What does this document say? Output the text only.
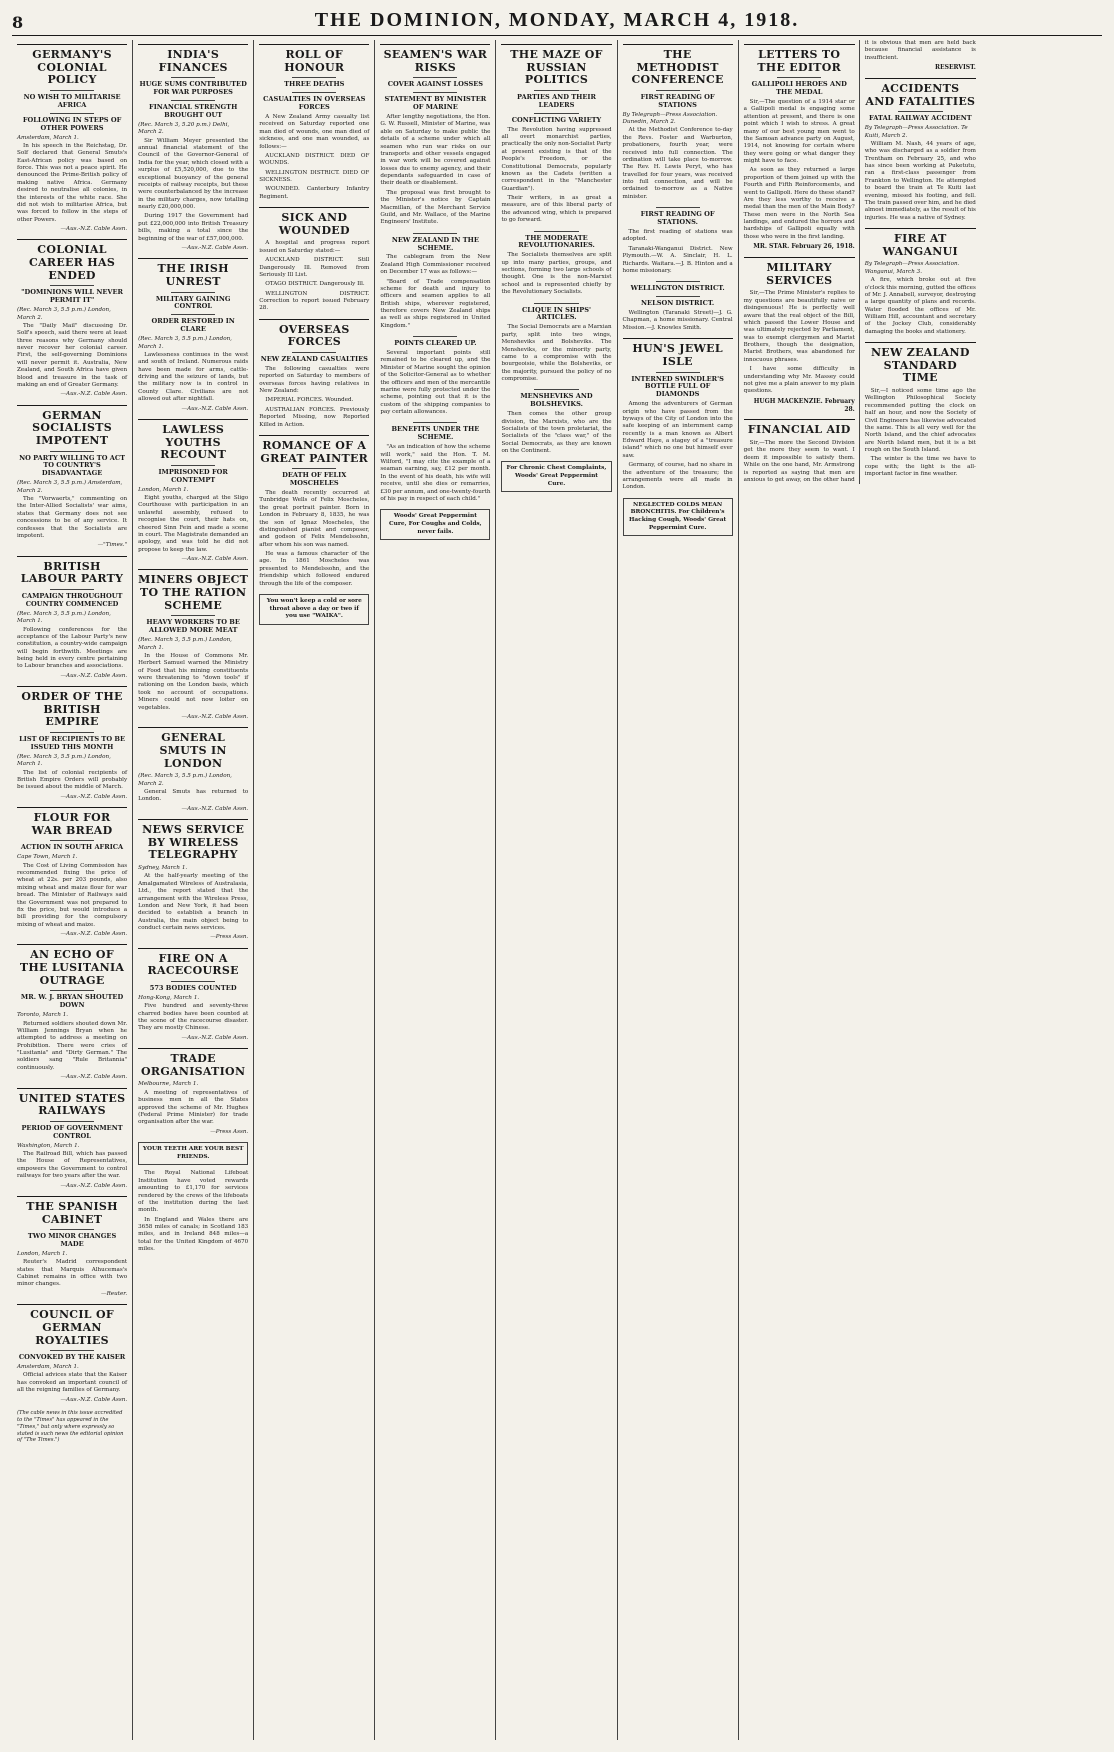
8	THE DOMINION, MONDAY, MARCH 4, 1918.
GERMANY'S COLONIAL POLICY
NO WISH TO MILITARISE AFRICA
FOLLOWING IN STEPS OF OTHER POWERS
Amsterdam, March 1.

In his speech in the Reichstag, Dr. Solf declared that General Smuts's East-African policy was based on force. This was not a peace spirit. He denounced the Prime-British policy of making native Africa. Germany desired to neutralise all colonies, in the interests of the white race. She did not wish to militarise Africa, but was forced to follow in the steps of other Powers.

—Aus.-N.Z. Cable Assn.
COLONIAL CAREER HAS ENDED
"DOMINIONS WILL NEVER PERMIT IT"
(Rec. March 3, 5.5 p.m.) London, March 2.

The "Daily Mail" discussing Dr. Solf's speech, said there were at least three reasons why Germany should never recover her colonial career. First, the self-governing Dominions will never permit it. Australia, New Zealand, and South Africa have given blood and treasure in the task of making an end of Greater Germany.

—Aus.-N.Z. Cable Assn.
GERMAN SOCIALISTS IMPOTENT
NO PARTY WILLING TO ACT TO COUNTRY'S DISADVANTAGE
(Rec. March 3, 5.5 p.m.) Amsterdam, March 2.

The "Vorwaerts," commenting on the Inter-Allied Socialists' war aims, states that Germany does not see concessions to be of any service. It confesses that the Socialists are impotent.

—"Times."
BRITISH LABOUR PARTY
CAMPAIGN THROUGHOUT COUNTRY COMMENCED
(Rec. March 3, 5.5 p.m.) London, March 1.

Following conferences for the acceptance of the Labour Party's new constitution, a country-wide campaign will begin forthwith. Meetings are being held in every centre pertaining to Labour branches and associations.

—Aus.-N.Z. Cable Assn.
ORDER OF THE BRITISH EMPIRE
LIST OF RECIPIENTS TO BE ISSUED THIS MONTH
(Rec. March 3, 5.5 p.m.) London, March 1.

The list of colonial recipients of British Empire Orders will probably be issued about the middle of March.

—Aus.-N.Z. Cable Assn.
FLOUR FOR WAR BREAD
ACTION IN SOUTH AFRICA
Cape Town, March 1.

The Cost of Living Commission has recommended fixing the price of wheat at 22s. per 203 pounds, also mixing wheat and maize flour for war bread. The Minister of Railways said the Government was not prepared to fix the price, but would introduce a bill providing for the compulsory mixing of wheat and maize.

—Aus.-N.Z. Cable Assn.
AN ECHO OF THE LUSITANIA OUTRAGE
MR. W. J. BRYAN SHOUTED DOWN
Toronto, March 1.

Returned soldiers shouted down Mr. William Jennings Bryan when he attempted to address a meeting on Prohibition. There were cries of "Lusitania" and "Dirty German." The soldiers sang "Rule Britannia" continuously.

—Aus.-N.Z. Cable Assn.
UNITED STATES RAILWAYS
PERIOD OF GOVERNMENT CONTROL
Washington, March 1.

The Railroad Bill, which has passed the House of Representatives, empowers the Government to control railways for two years after the war.

—Aus.-N.Z. Cable Assn.
THE SPANISH CABINET
TWO MINOR CHANGES MADE
London, March 1.

Reuter's Madrid correspondent states that Marquis Alhucemas's Cabinet remains in office with two minor changes.

—Reuter.
COUNCIL OF GERMAN ROYALTIES
CONVOKED BY THE KAISER
Amsterdam, March 1.

Official advices state that the Kaiser has convoked an important council of all the reigning families of Germany.

—Aus.-N.Z. Cable Assn.
(The cable news in this issue accredited to the "Times" has appeared in the "Times," but only where expressly so stated is such news the editorial opinion of "The Times.")
INDIA'S FINANCES
HUGE SUMS CONTRIBUTED FOR WAR PURPOSES
FINANCIAL STRENGTH BROUGHT OUT
(Rec. March 3, 5.20 p.m.) Delhi, March 2.

Sir William Meyer presented the annual financial statement of the Council of the Governor-General of India for the year, which closed with a surplus of £5,520,000, due to the exceptional buoyancy of the general receipts of railway receipts, but these were counterbalanced by the increase in the military charges, now totalling nearly £20,000,000.

During 1917 the Government had put £22,000,000 into British Treasury bills, making a total since the beginning of the war of £57,000,000.

—Aus.-N.Z. Cable Assn.
THE IRISH UNREST
MILITARY GAINING CONTROL
ORDER RESTORED IN CLARE
(Rec. March 3, 5.5 p.m.) London, March 1.

Lawlessness continues in the west and south of Ireland. Numerous raids have been made for arms, cattle-driving and the seizure of lands, but the military now is in control in County Clare. Civilians are not allowed out after nightfall.

—Aus.-N.Z. Cable Assn.
LAWLESS YOUTHS RECOUNT
IMPRISONED FOR CONTEMPT
London, March 1.

Eight youths, charged at the Sligo Courthouse with participation in an unlawful assembly, refused to recognise the court, their hats on, cheered Sinn Fein and made a scene in court. The Magistrate demanded an apology, and was told he did not propose to keep the law.

—Aus.-N.Z. Cable Assn.
MINERS OBJECT TO THE RATION SCHEME
HEAVY WORKERS TO BE ALLOWED MORE MEAT
(Rec. March 3, 5.5 p.m.) London, March 1.

In the House of Commons Mr. Herbert Samuel warned the Ministry of Food that his mining constituents were threatening to "down tools" if rationing on the London basis, which took no account of occupations. Miners could not now loiter on vegetables.

—Aus.-N.Z. Cable Assn.
GENERAL SMUTS IN LONDON
(Rec. March 3, 5.5 p.m.) London, March 2.

General Smuts has returned to London.

—Aus.-N.Z. Cable Assn.
NEWS SERVICE BY WIRELESS TELEGRAPHY
Sydney, March 1.

At the half-yearly meeting of the Amalgamated Wireless of Australasia, Ltd., the report stated that the arrangement with the Wireless Press, London and New York, it had been decided to establish a branch in Australia, the main object being to conduct certain news services.

—Press Assn.
FIRE ON A RACECOURSE
573 BODIES COUNTED
Hong-Kong, March 1.

Five hundred and seventy-three charred bodies have been counted at the scene of the racecourse disaster. They are mostly Chinese.

—Aus.-N.Z. Cable Assn.
TRADE ORGANISATION
Melbourne, March 1.

A meeting of representatives of business men in all the States approved the scheme of Mr. Hughes (Federal Prime Minister) for trade organisation after the war.

—Press Assn.
YOUR TEETH ARE YOUR BEST FRIENDS.

The Royal National Lifeboat Institution have voted rewards amounting to £1,170 for services rendered by the crews of the lifeboats of the institution during the last month.

In England and Wales there are 3658 miles of canals; in Scotland 183 miles, and in Ireland 848 miles—a total for the United Kingdom of 4670 miles.

ROLL OF HONOUR
THREE DEATHS
CASUALTIES IN OVERSEAS FORCES

A New Zealand Army casualty list received on Saturday reported one man died of wounds, one man died of sickness, and one man wounded, as follows:—

AUCKLAND DISTRICT. DIED OF WOUNDS.

WELLINGTON DISTRICT. DIED OF SICKNESS.

WOUNDED. Canterbury Infantry Regiment.

SICK AND WOUNDED

A hospital and progress report issued on Saturday stated:—

AUCKLAND DISTRICT. Still Dangerously Ill. Removed from Seriously Ill List.

OTAGO DISTRICT. Dangerously Ill.

WELLINGTON DISTRICT. Correction to report issued February 28.

OVERSEAS FORCES
NEW ZEALAND CASUALTIES

The following casualties were reported on Saturday to members of overseas forces having relatives in New Zealand:

IMPERIAL FORCES. Wounded.

AUSTRALIAN FORCES. Previously Reported Missing, now Reported Killed in Action.

ROMANCE OF A GREAT PAINTER
DEATH OF FELIX MOSCHELES

The death recently occurred at Tunbridge Wells of Felix Moscheles, the great portrait painter. Born in London in February 8, 1835, he was the son of Ignaz Moscheles, the distinguished pianist and composer, and godson of Felix Mendelssohn, after whom his son was named.

He was a famous character of the age. In 1861 Moscheles was presented to Mendelssohn, and the friendship which followed endured through the life of the composer.

You won't keep a cold or sore throat above a day or two if you use "WAIKA".
SEAMEN'S WAR RISKS
COVER AGAINST LOSSES
STATEMENT BY MINISTER OF MARINE

After lengthy negotiations, the Hon. G. W. Russell, Minister of Marine, was able on Saturday to make public the details of a scheme under which all seamen who run war risks on our transports and other vessels engaged in war work will be covered against losses due to enemy agency, and their dependants safeguarded in case of their death or disablement.

The proposal was first brought to the Minister's notice by Captain Macmillan, of the Merchant Service Guild, and Mr. Wallace, of the Marine Engineers' Institute.

NEW ZEALAND IN THE SCHEME.

The cablegram from the New Zealand High Commissioner received on December 17 was as follows:—

"Board of Trade compensation scheme for death and injury to officers and seamen applies to all British ships, wherever registered, therefore covers New Zealand ships as well as ships registered in United Kingdom."

POINTS CLEARED UP.

Several important points still remained to be cleared up, and the Minister of Marine sought the opinion of the Solicitor-General as to whether the officers and men of the mercantile marine were fully protected under the scheme, pointing out that it is the custom of the shipping companies to pay certain allowances.

BENEFITS UNDER THE SCHEME.

"As an indication of how the scheme will work," said the Hon. T. M. Wilford, "I may cite the example of a seaman earning, say, £12 per month. In the event of his death, his wife will receive, until she dies or remarries, £30 per annum, and one-twenty-fourth of his pay in respect of each child."

Woods' Great Peppermint Cure, For Coughs and Colds, never fails.
THE MAZE OF RUSSIAN POLITICS
PARTIES AND THEIR LEADERS
CONFLICTING VARIETY

The Revolution having suppressed all overt monarchist parties, practically the only non-Socialist Party at present existing is that of the People's Freedom, or the Constitutional Democrats, popularly known as the Cadets (written a correspondent in the "Manchester Guardian").

Their writers, in as great a measure, are of this liberal party of the advanced wing, which is prepared to go forward.

THE MODERATE REVOLUTIONARIES.

The Socialists themselves are split up into many parties, groups, and sections, forming two large schools of thought. One is the non-Marxist school and is represented chiefly by the Revolutionary Socialists.

CLIQUE IN SHIPS' ARTICLES.

The Social Democrats are a Marxian party, split into two wings, Mensheviks and Bolsheviks. The Mensheviks, or the minority party, came to a compromise with the bourgeoisie, while the Bolsheviks, or the majority, pursued the policy of no compromise.

MENSHEVIKS AND BOLSHEVIKS.

Then comes the other group division, the Marxists, who are the Socialists of the town proletariat, the Socialists of the "class war," of the Social Democrats, as they are known on the Continent.

For Chronic Chest Complaints, Woods' Great Peppermint Cure.
THE METHODIST CONFERENCE
FIRST READING OF STATIONS
By Telegraph—Press Association. Dunedin, March 2.

At the Methodist Conference to-day the Revs. Foster and Warburton, probationers, fourth year, were received into full connection. The ordination will take place to-morrow. The Rev. H. Lewis Peryt, who has travelled for four years, was received into full connection, and will be ordained to-morrow as a Native minister.

FIRST READING OF STATIONS.

The first reading of stations was adopted.

Taranaki-Wanganui District. New Plymouth.—W. A. Sinclair, H. L. Richards. Waitara.—J. B. Hinton and a home missionary.

WELLINGTON DISTRICT.
NELSON DISTRICT.

Wellington (Taranaki Street)—J. G. Chapman, a home missionary. Central Mission.—J. Knowles Smith.

HUN'S JEWEL ISLE
INTERNED SWINDLER'S BOTTLE FULL OF DIAMONDS

Among the adventurers of German origin who have passed from the byways of the City of London into the safe keeping of an internment camp recently is a man known as Albert Edward Haye, a stagey of a "treasure island" which no one but himself ever saw.

Germany, of course, had no share in the adventure of the treasure; the arrangements were all made in London.

NEGLECTED COLDS MEAN BRONCHITIS. For Children's Hacking Cough, Woods' Great Peppermint Cure.
LETTERS TO THE EDITOR
GALLIPOLI HEROES AND THE MEDAL

Sir,—The question of a 1914 star or a Gallipoli medal is engaging some attention at present, and there is one point which I wish to stress. A great many of our best young men went to the Samoan advance party on August, 1914, not knowing for certain where they were going or what danger they might have to face.

As soon as they returned a large proportion of them joined up with the Fourth and Fifth Reinforcements, and went to Gallipoli. Here do these stand? Are they less worthy to receive a medal than the men of the Main Body? These men were in the North Sea landings, and endured the horrors and hardships of Gallipoli equally with those who were in the first landing.

MR. STAR. February 26, 1918.
MILITARY SERVICES

Sir,—The Prime Minister's replies to my questions are beautifully naive or disingenuous! He is perfectly well aware that the real object of the Bill, which passed the Lower House and was ultimately rejected by Parliament, was to exempt clergymen and Marist Brothers, though the designation, Marist Brothers, was abandoned for innocuous phrases.

I have some difficulty in understanding why Mr. Massey could not give me a plain answer to my plain questions.

HUGH MACKENZIE. February 28.
FINANCIAL AID

Sir,—The more the Second Division get the more they seem to want. I deem it impossible to satisfy them. While on the one hand, Mr. Armstrong is reported as saying that men are anxious to get away, on the other hand it is obvious that men are held back because financial assistance is insufficient.

RESERVIST.
ACCIDENTS AND FATALITIES
FATAL RAILWAY ACCIDENT
By Telegraph—Press Association. Te Kuiti, March 2.

William M. Nash, 44 years of age, who was discharged as a soldier from Trentham on February 25, and who has since been working at Puketutu, ran a first-class passenger from Frankton to Wellington. He attempted to board the train at Te Kuiti last evening, missed his footing, and fell. The train passed over him, and he died almost immediately, as the result of his injuries. He was a native of Sydney.

FIRE AT WANGANUI
By Telegraph—Press Association. Wanganui, March 3.

A fire, which broke out at five o'clock this morning, gutted the offices of Mr. J. Annabell, surveyor, destroying a large quantity of plans and records. Water flooded the offices of Mr. William Hill, accountant and secretary of the Jockey Club, considerably damaging the books and stationery.

NEW ZEALAND STANDARD TIME

Sir,—I noticed some time ago the Wellington Philosophical Society recommended putting the clock on half an hour, and now the Society of Civil Engineers has likewise advocated the same. This is all very well for the North Island, and the chief advocates are North Island men, but it is a bit rough on the South Island.

The winter is the time we have to cope with; the light is the all-important factor in fine weather.
